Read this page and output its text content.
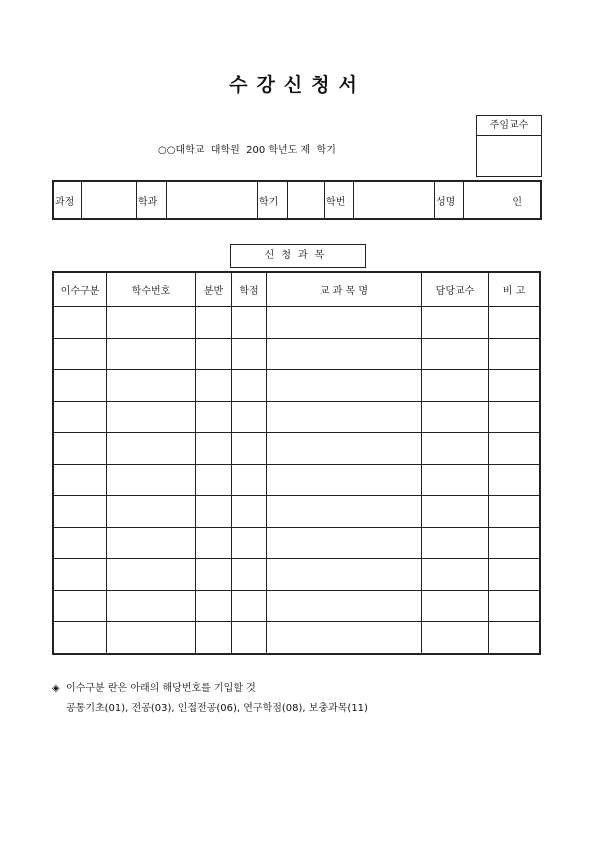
수강신청서
주임교수
○○대학교  대학원  200 학년도 제  학기
과정		학과		학기		학번		성명	인
신청과목
이수구분	학수번호	분반	학점	교 과 목 명	담당교수	비 고

◈  이수구분 란은 아래의 해당번호를 기입할 것
공통기초(01), 전공(03), 인접전공(06), 연구학점(08), 보충과목(11)
